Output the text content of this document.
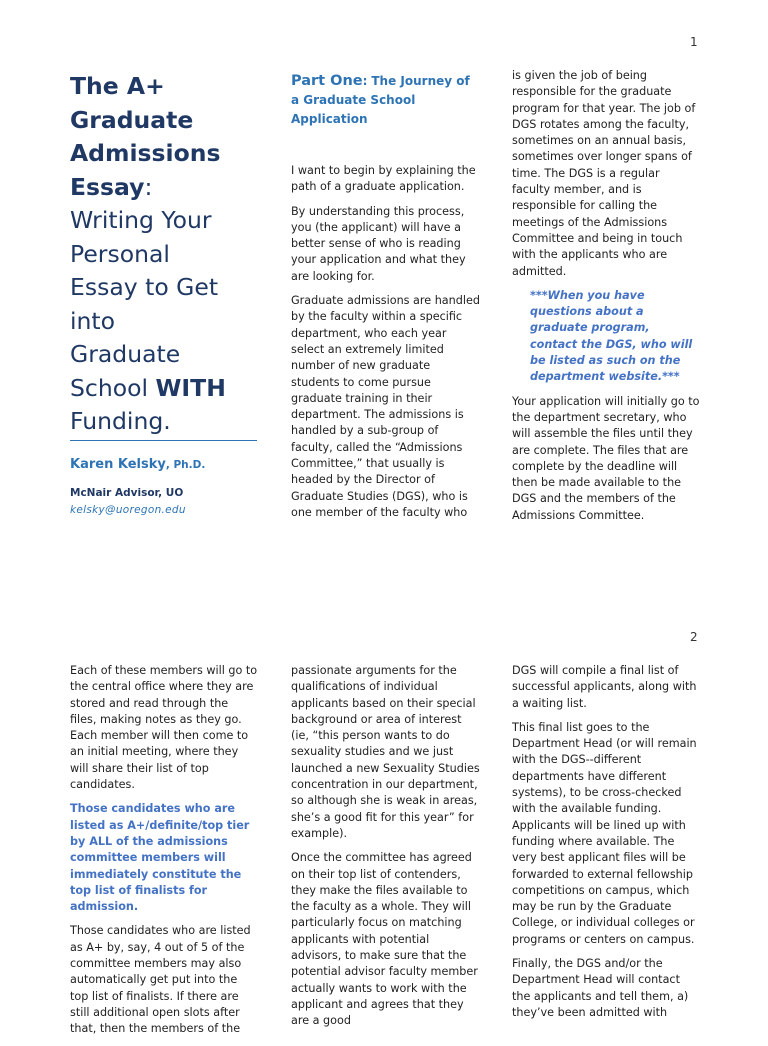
1
The A+
Graduate
Admissions
Essay:
Writing Your
Personal
Essay to Get
into
Graduate
School WITH
Funding.
Karen Kelsky, Ph.D.
McNair Advisor, UO
kelsky@uoregon.edu
Part One: The Journey of a Graduate School Application

I want to begin by explaining the path of a graduate application.

By understanding this process, you (the applicant) will have a better sense of who is reading your application and what they are looking for.

Graduate admissions are handled by the faculty within a specific department, who each year select an extremely limited number of new graduate students to come pursue graduate training in their department. The admissions is handled by a sub-group of faculty, called the “Admissions Committee,” that usually is headed by the Director of Graduate Studies (DGS), who is one member of the faculty who

is given the job of being responsible for the graduate program for that year. The job of DGS rotates among the faculty, sometimes on an annual basis, sometimes over longer spans of time. The DGS is a regular faculty member, and is responsible for calling the meetings of the Admissions Committee and being in touch with the applicants who are admitted.

***When you have questions about a graduate program, contact the DGS, who will be listed as such on the department website.***

Your application will initially go to the department secretary, who will assemble the files until they are complete. The files that are complete by the deadline will then be made available to the DGS and the members of the Admissions Committee.

2

Each of these members will go to the central office where they are stored and read through the files, making notes as they go. Each member will then come to an initial meeting, where they will share their list of top candidates.

Those candidates who are listed as A+/definite/top tier by ALL of the admissions committee members will immediately constitute the top list of finalists for admission.

Those candidates who are listed as A+ by, say, 4 out of 5 of the committee members may also automatically get put into the top list of finalists. If there are still additional open slots after that, then the members of the

passionate arguments for the qualifications of individual applicants based on their special background or area of interest (ie, “this person wants to do sexuality studies and we just launched a new Sexuality Studies concentration in our department, so although she is weak in areas, she’s a good fit for this year” for example).

Once the committee has agreed on their top list of contenders, they make the files available to the faculty as a whole. They will particularly focus on matching applicants with potential advisors, to make sure that the potential advisor faculty member actually wants to work with the applicant and agrees that they are a good

DGS will compile a final list of successful applicants, along with a waiting list.

This final list goes to the Department Head (or will remain with the DGS--different departments have different systems), to be cross-checked with the available funding. Applicants will be lined up with funding where available. The very best applicant files will be forwarded to external fellowship competitions on campus, which may be run by the Graduate College, or individual colleges or programs or centers on campus.

Finally, the DGS and/or the Department Head will contact the applicants and tell them, a) they’ve been admitted with
